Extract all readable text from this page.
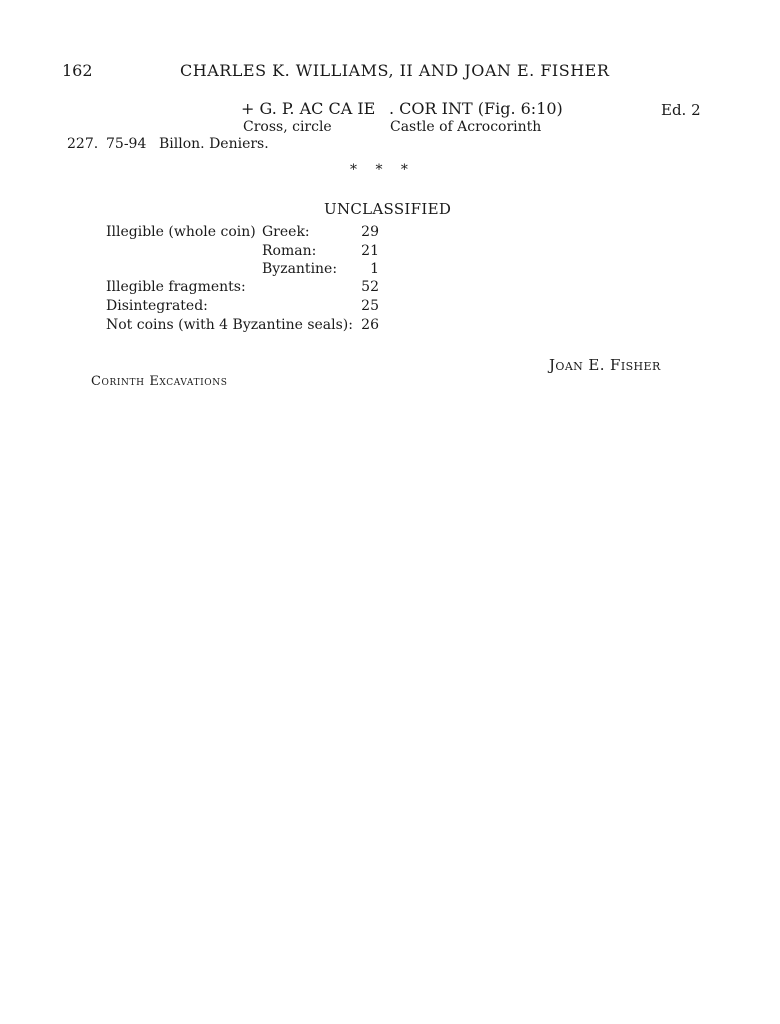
162	CHARLES K. WILLIAMS, II AND JOAN E. FISHER
+ G. P. AC CA IE . COR INT (Fig. 6:10)	Ed. 2
Cross, circle	Castle of Acrocorinth
227. 75-94 Billon. Deniers.
* * *
UNCLASSIFIED
Illegible (whole coin) Greek:	29
Roman:	21
Byzantine:	1
Illegible fragments:	52
Disintegrated:	25
Not coins (with 4 Byzantine seals): 26
Joan E. Fisher
Corinth Excavations
